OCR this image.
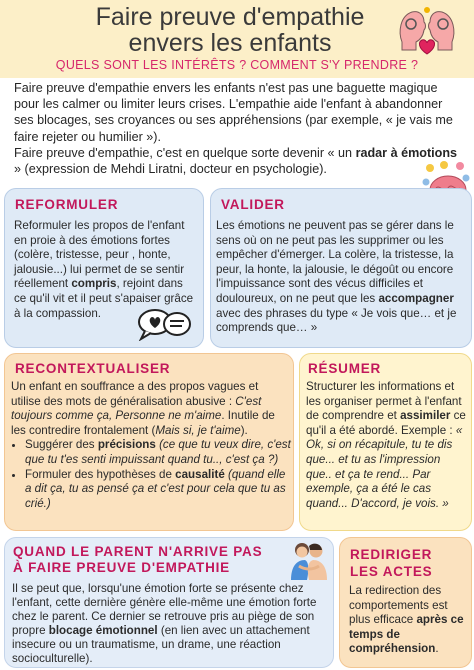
Faire preuve d'empathie
envers les enfants
QUELS SONT LES INTÉRÊTS ? COMMENT S'Y PRENDRE ?

Faire preuve d'empathie envers les enfants n'est pas une baguette magique pour les calmer ou limiter leurs crises. L'empathie aide l'enfant à abandonner ses blocages, ses croyances ou ses appréhensions (par exemple, « je vais me faire rejeter ou humilier »).

Faire preuve d'empathie, c'est en quelque sorte devenir « un radar à émotions » (expression de Mehdi Liratni, docteur en psychologie).

REFORMULER
Reformuler les propos de l'enfant en proie à des émotions fortes (colère, tristesse, peur , honte, jalousie...) lui permet de se sentir réellement compris, rejoint dans ce qu'il vit et il peut s'apaiser grâce à la compassion.
VALIDER
Les émotions ne peuvent pas se gérer dans le sens où on ne peut pas les supprimer ou les empêcher d'émerger. La colère, la tristesse, la peur, la honte, la jalousie, le dégoût ou encore l'impuissance sont des vécus difficiles et douloureux, on ne peut que les accompagner avec des phrases du type « Je vois que… et je comprends que… »
RECONTEXTUALISER
Un enfant en souffrance a des propos vagues et utilise des mots de généralisation abusive : C'est toujours comme ça, Personne ne m'aime. Inutile de les contredire frontalement (Mais si, je t'aime).
• Suggérer des précisions (ce que tu veux dire, c'est que tu t'es senti impuissant quand tu.., c'est ça ?)
• Formuler des hypothèses de causalité (quand elle a dit ça, tu as pensé ça et c'est pour cela que tu as crié.)
RÉSUMER
Structurer les informations et les organiser permet à l'enfant de comprendre et assimiler ce qu'il a été abordé. Exemple : « Ok, si on récapitule, tu te dis que... et tu as l'impression que.. et ça te rend... Par exemple, ça a été le cas quand... D'accord, je vois. »
QUAND LE PARENT N'ARRIVE PAS
À FAIRE PREUVE D'EMPATHIE
Il se peut que, lorsqu'une émotion forte se présente chez l'enfant, cette dernière génère elle-même une émotion forte chez le parent. Ce dernier se retrouve pris au piège de son propre blocage émotionnel (en lien avec un attachement insecure ou un traumatisme, un drame, une réaction socioculturelle).
REDIRIGER
LES ACTES
La redirection des comportements est plus efficace après ce temps de compréhension.
